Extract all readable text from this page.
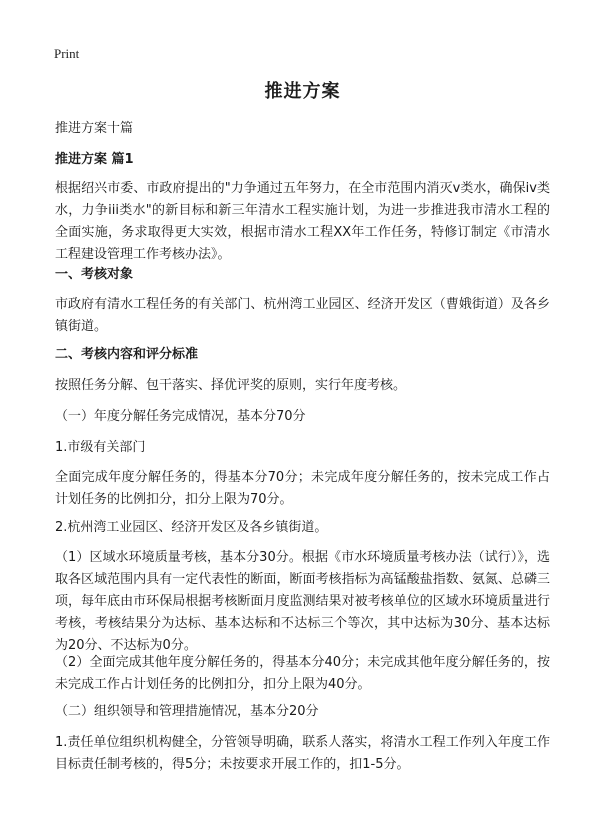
Print
推进方案

推进方案十篇

推进方案 篇1

根据绍兴市委、市政府提出的"力争通过五年努力，在全市范围内消灭v类水，确保iv类水，力争iii类水"的新目标和新三年清水工程实施计划，为进一步推进我市清水工程的全面实施，务求取得更大实效，根据市清水工程XX年工作任务，特修订制定《市清水工程建设管理工作考核办法》。

一、考核对象

市政府有清水工程任务的有关部门、杭州湾工业园区、经济开发区（曹娥街道）及各乡镇街道。

二、考核内容和评分标准

按照任务分解、包干落实、择优评奖的原则，实行年度考核。

（一）年度分解任务完成情况，基本分70分

1.市级有关部门

全面完成年度分解任务的，得基本分70分；未完成年度分解任务的，按未完成工作占计划任务的比例扣分，扣分上限为70分。

2.杭州湾工业园区、经济开发区及各乡镇街道。

（1）区域水环境质量考核，基本分30分。根据《市水环境质量考核办法（试行）》，选取各区域范围内具有一定代表性的断面，断面考核指标为高锰酸盐指数、氨氮、总磷三项，每年底由市环保局根据考核断面月度监测结果对被考核单位的区域水环境质量进行考核，考核结果分为达标、基本达标和不达标三个等次，其中达标为30分、基本达标为20分、不达标为0分。

（2）全面完成其他年度分解任务的，得基本分40分；未完成其他年度分解任务的，按未完成工作占计划任务的比例扣分，扣分上限为40分。

（二）组织领导和管理措施情况，基本分20分

1.责任单位组织机构健全，分管领导明确，联系人落实，将清水工程工作列入年度工作目标责任制考核的，得5分；未按要求开展工作的，扣1-5分。
